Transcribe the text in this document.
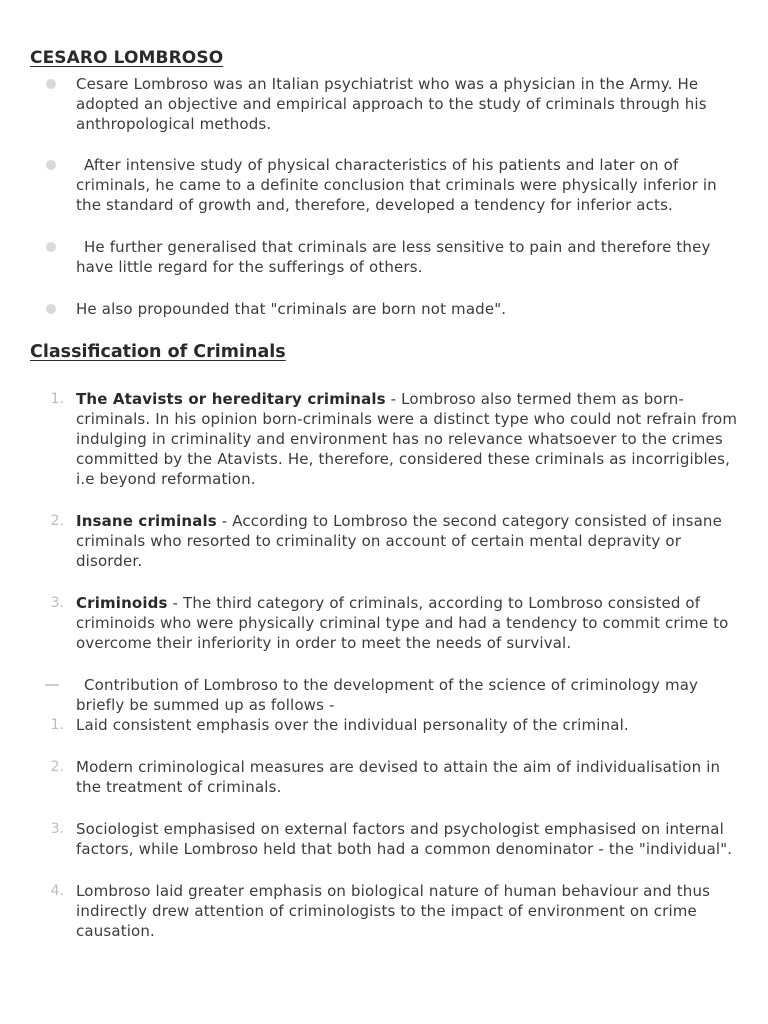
CESARO LOMBROSO
Cesare Lombroso was an Italian psychiatrist who was a physician in the Army. He adopted an objective and empirical approach to the study of criminals through his anthropological methods.
After intensive study of physical characteristics of his patients and later on of criminals, he came to a definite conclusion that criminals were physically inferior in the standard of growth and, therefore, developed a tendency for inferior acts.
He further generalised that criminals are less sensitive to pain and therefore they have little regard for the sufferings of others.
He also propounded that "criminals are born not made".
Classification of Criminals
1. The Atavists or hereditary criminals - Lombroso also termed them as born-criminals. In his opinion born-criminals were a distinct type who could not refrain from indulging in criminality and environment has no relevance whatsoever to the crimes committed by the Atavists. He, therefore, considered these criminals as incorrigibles, i.e beyond reformation.
2. Insane criminals - According to Lombroso the second category consisted of insane criminals who resorted to criminality on account of certain mental depravity or disorder.
3. Criminoids - The third category of criminals, according to Lombroso consisted of criminoids who were physically criminal type and had a tendency to commit crime to overcome their inferiority in order to meet the needs of survival.
Contribution of Lombroso to the development of the science of criminology may briefly be summed up as follows -
1. Laid consistent emphasis over the individual personality of the criminal.
2. Modern criminological measures are devised to attain the aim of individualisation in the treatment of criminals.
3. Sociologist emphasised on external factors and psychologist emphasised on internal factors, while Lombroso held that both had a common denominator - the "individual".
4. Lombroso laid greater emphasis on biological nature of human behaviour and thus indirectly drew attention of criminologists to the impact of environment on crime causation.
